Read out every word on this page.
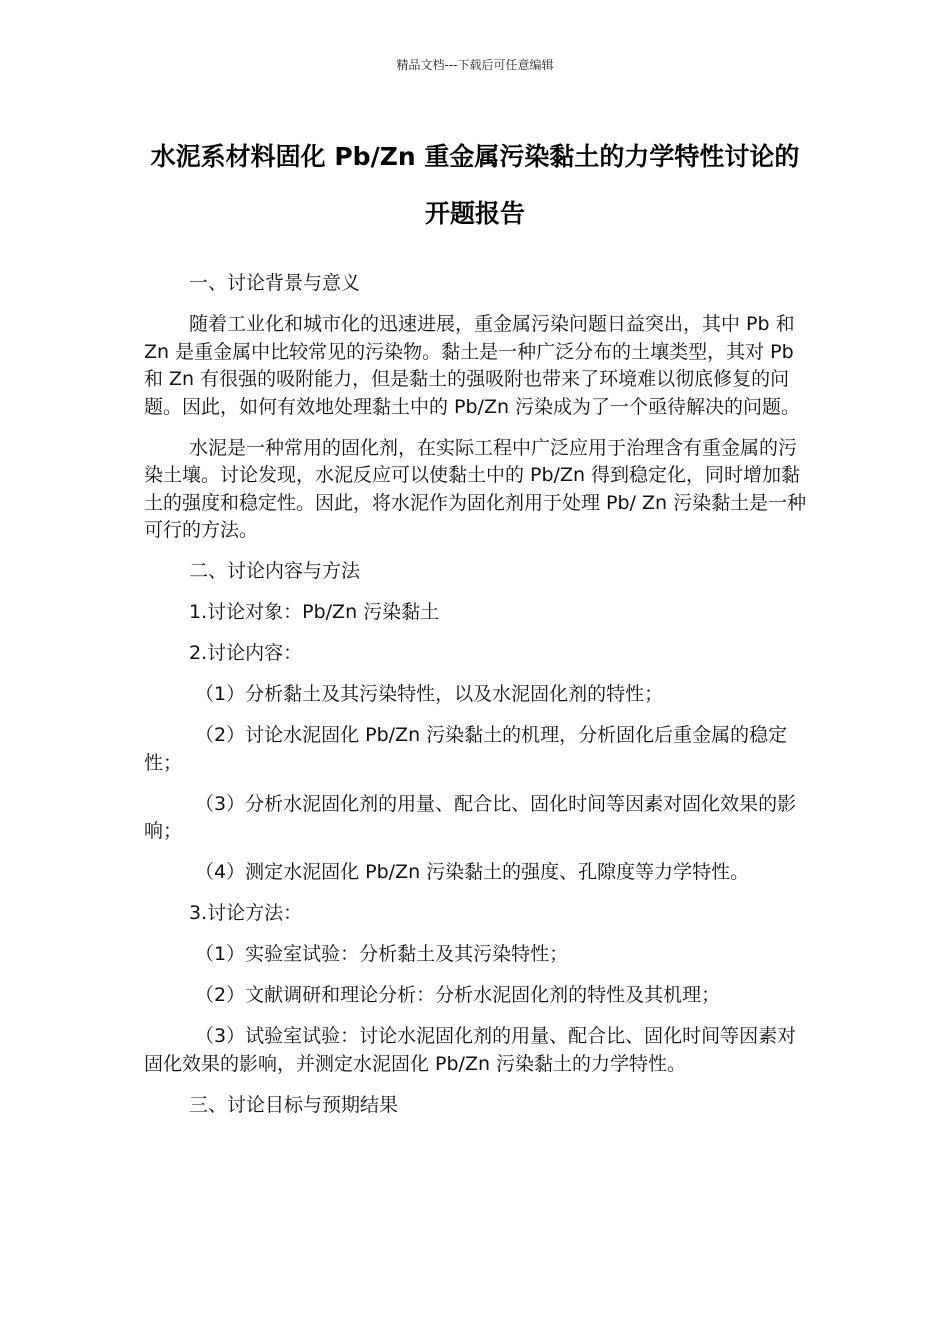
精品文档---下载后可任意编辑
水泥系材料固化 Pb/Zn 重金属污染黏土的力学特性讨论的开题报告

一、讨论背景与意义

随着工业化和城市化的迅速进展，重金属污染问题日益突出，其中 Pb 和 Zn 是重金属中比较常见的污染物。黏土是一种广泛分布的土壤类型，其对 Pb 和 Zn 有很强的吸附能力，但是黏土的强吸附也带来了环境难以彻底修复的问题。因此，如何有效地处理黏土中的 Pb/Zn 污染成为了一个亟待解决的问题。

水泥是一种常用的固化剂，在实际工程中广泛应用于治理含有重金属的污染土壤。讨论发现，水泥反应可以使黏土中的 Pb/Zn 得到稳定化，同时增加黏土的强度和稳定性。因此，将水泥作为固化剂用于处理 Pb/ Zn 污染黏土是一种可行的方法。

二、讨论内容与方法

1.讨论对象：Pb/Zn 污染黏土

2.讨论内容：

（1）分析黏土及其污染特性，以及水泥固化剂的特性；

（2）讨论水泥固化 Pb/Zn 污染黏土的机理，分析固化后重金属的稳定性；

（3）分析水泥固化剂的用量、配合比、固化时间等因素对固化效果的影响；

（4）测定水泥固化 Pb/Zn 污染黏土的强度、孔隙度等力学特性。

3.讨论方法：

（1）实验室试验：分析黏土及其污染特性；

（2）文献调研和理论分析：分析水泥固化剂的特性及其机理；

（3）试验室试验：讨论水泥固化剂的用量、配合比、固化时间等因素对固化效果的影响，并测定水泥固化 Pb/Zn 污染黏土的力学特性。

三、讨论目标与预期结果
